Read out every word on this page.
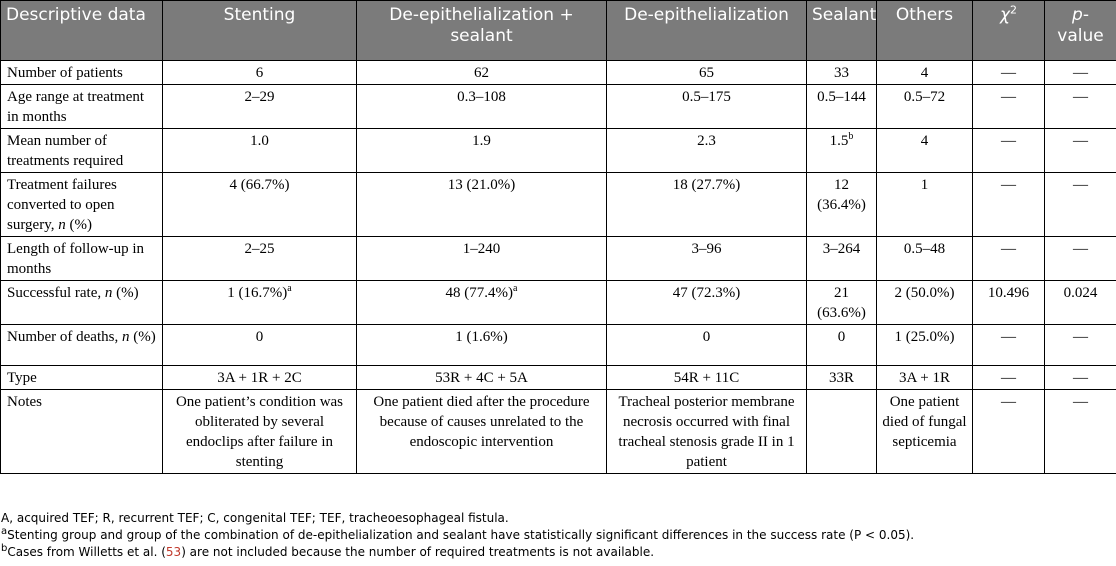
Descriptive data	Stenting	De-epithelialization + sealant	De-epithelialization	Sealant	Others	$\chi^2$	p-value
Number of patients	6	62	65	33	4	—	—
Age range at treatment in months	2–29	0.3–108	0.5–175	0.5–144	0.5–72	—	—
Mean number of treatments required	1.0	1.9	2.3	1.5$^b$	4	—	—
Treatment failures converted to open surgery, n (%)	4 (66.7%)	13 (21.0%)	18 (27.7%)	12 (36.4%)	1	—	—
Length of follow-up in months	2–25	1–240	3–96	3–264	0.5–48	—	—
Successful rate, n (%)	1 $(16.7\%)^a$	48 $(77.4\%)^a$	47 (72.3%)	21 (63.6%)	2 (50.0%)	10.496	0.024
Number of deaths, n (%)	0	1 (1.6%)	0	0	1 (25.0%)	—	—
Type	3A + 1R + 2C	53R + 4C + 5A	54R + 11C	33R	3A + 1R	—	—
Notes	One patient’s condition was obliterated by several endoclips after failure in stenting	One patient died after the procedure because of causes unrelated to the endoscopic intervention	Tracheal posterior membrane necrosis occurred with final tracheal stenosis grade II in 1 patient		One patient died of fungal septicemia	—	—
A, acquired TEF; R, recurrent TEF; C, congenital TEF; TEF, tracheoesophageal fistula.
$^a$Stenting group and group of the combination of de-epithelialization and sealant have statistically significant differences in the success rate (P < 0.05).
$^b$Cases from Willetts et al. (53) are not included because the number of required treatments is not available.
